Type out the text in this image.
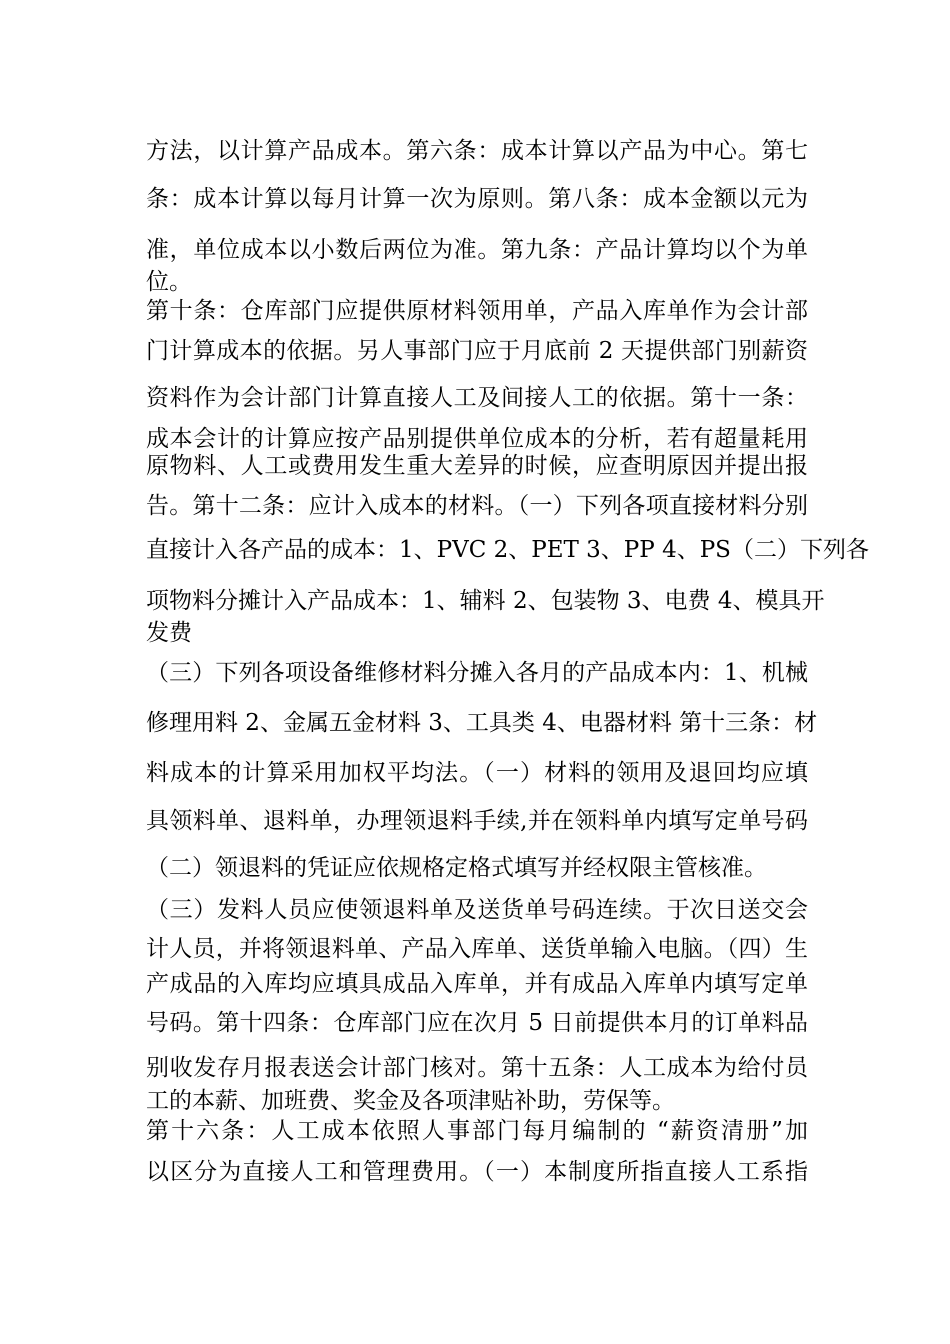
方法，以计算产品成本。第六条：成本计算以产品为中心。第七
条：成本计算以每月计算一次为原则。第八条：成本金额以元为
准，单位成本以小数后两位为准。第九条：产品计算均以个为单
位。
第十条：仓库部门应提供原材料领用单，产品入库单作为会计部
门计算成本的依据。另人事部门应于月底前 2 天提供部门别薪资
资料作为会计部门计算直接人工及间接人工的依据。第十一条：
成本会计的计算应按产品别提供单位成本的分析，若有超量耗用
原物料、人工或费用发生重大差异的时候，应查明原因并提出报
告。第十二条：应计入成本的材料。（一）下列各项直接材料分别
直接计入各产品的成本：1、PVC 2、PET 3、PP 4、PS（二）下列各
项物料分摊计入产品成本：1、辅料 2、包装物 3、电费 4、模具开
发费
（三）下列各项设备维修材料分摊入各月的产品成本内：1、机械
修理用料 2、金属五金材料 3、工具类 4、电器材料 第十三条：材
料成本的计算采用加权平均法。（一）材料的领用及退回均应填
具领料单、退料单，办理领退料手续,并在领料单内填写定单号码
（二）领退料的凭证应依规格定格式填写并经权限主管核准。
（三）发料人员应使领退料单及送货单号码连续。于次日送交会
计人员，并将领退料单、产品入库单、送货单输入电脑。（四）生
产成品的入库均应填具成品入库单，并有成品入库单内填写定单
号码。第十四条：仓库部门应在次月 5 日前提供本月的订单料品
别收发存月报表送会计部门核对。第十五条：人工成本为给付员
工的本薪、加班费、奖金及各项津贴补助，劳保等。
第十六条：人工成本依照人事部门每月编制的 “薪资清册”加
以区分为直接人工和管理费用。（一）本制度所指直接人工系指
